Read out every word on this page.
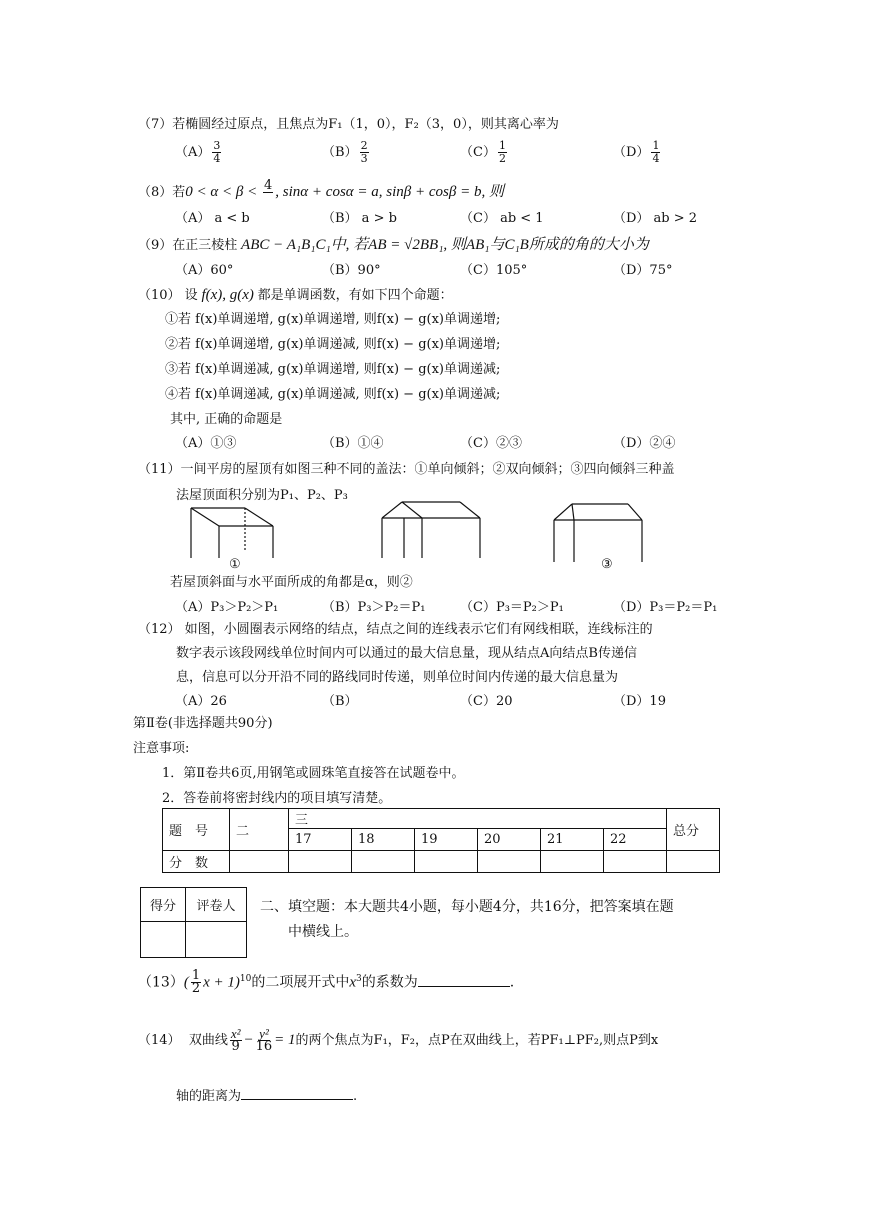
（7）若椭圆经过原点，且焦点为F₁（1，0），F₂（3，0），则其离心率为
$(A) \frac{3}{4}$	$(B) \frac{2}{3}$	$(C) \frac{1}{2}$	$(D) \frac{1}{4}$
（8）若0 < α < β < 4
, sinα + cosα = a, sinβ + cosβ = b, 则
（A） a < b	（B） a > b	（C） ab < 1	（D） ab > 2
（9）在正三棱柱 ABC − A₁B₁C₁中, 若AB = √2BB₁, 则AB₁与C₁B所成的角的大小为
（A）60°	（B）90°	（C）105°	（D）75°
（10） 设 f(x), g(x) 都是单调函数，有如下四个命题：
①若 f(x)单调递增, g(x)单调递增, 则f(x) − g(x)单调递增;
②若 f(x)单调递增, g(x)单调递减, 则f(x) − g(x)单调递增;
③若 f(x)单调递减, g(x)单调递增, 则f(x) − g(x)单调递减;
④若 f(x)单调递减, g(x)单调递减, 则f(x) − g(x)单调递减;
其中, 正确的命题是
（A）①③	（B）①④	（C）②③	（D）②④
（11）一间平房的屋顶有如图三种不同的盖法：①单向倾斜；②双向倾斜；③四向倾斜三种盖
法屋顶面积分别为P₁、P₂、P₃
①	③
若屋顶斜面与水平面所成的角都是α，则②
（A）P₃＞P₂＞P₁	（B）P₃＞P₂＝P₁	（C）P₃＝P₂＞P₁	（D）P₃＝P₂＝P₁
（12） 如图，小圆圈表示网络的结点，结点之间的连线表示它们有网线相联，连线标注的
数字表示该段网线单位时间内可以通过的最大信息量，现从结点A向结点B传递信
息，信息可以分开沿不同的路线同时传递，则单位时间内传递的最大信息量为
（A）26	（B）	（C）20	（D）19
第Ⅱ卷(非选择题共90分)
注意事项:
1．第Ⅱ卷共6页,用钢笔或圆珠笔直接答在试题卷中。
2．答卷前将密封线内的项目填写清楚。
题　号	二	三						总分
		17	18	19	20	21	22	
分　数								
得分	评卷人
	二、填空题：本大题共4小题，每小题4分，共16分，把答案填在题
中横线上。
$(13)( \frac{1}{2}$ $x + 1)^{10}$的二项展开式中$x^3$的系数为	.
（14） 双曲线 $\frac{\text{x²}}{9} - \frac{\text{y²}}{16} = 1$的两个焦点为F₁，F₂，点P在双曲线上，若PF₁⊥PF₂,则点P到x
轴的距离为	.
